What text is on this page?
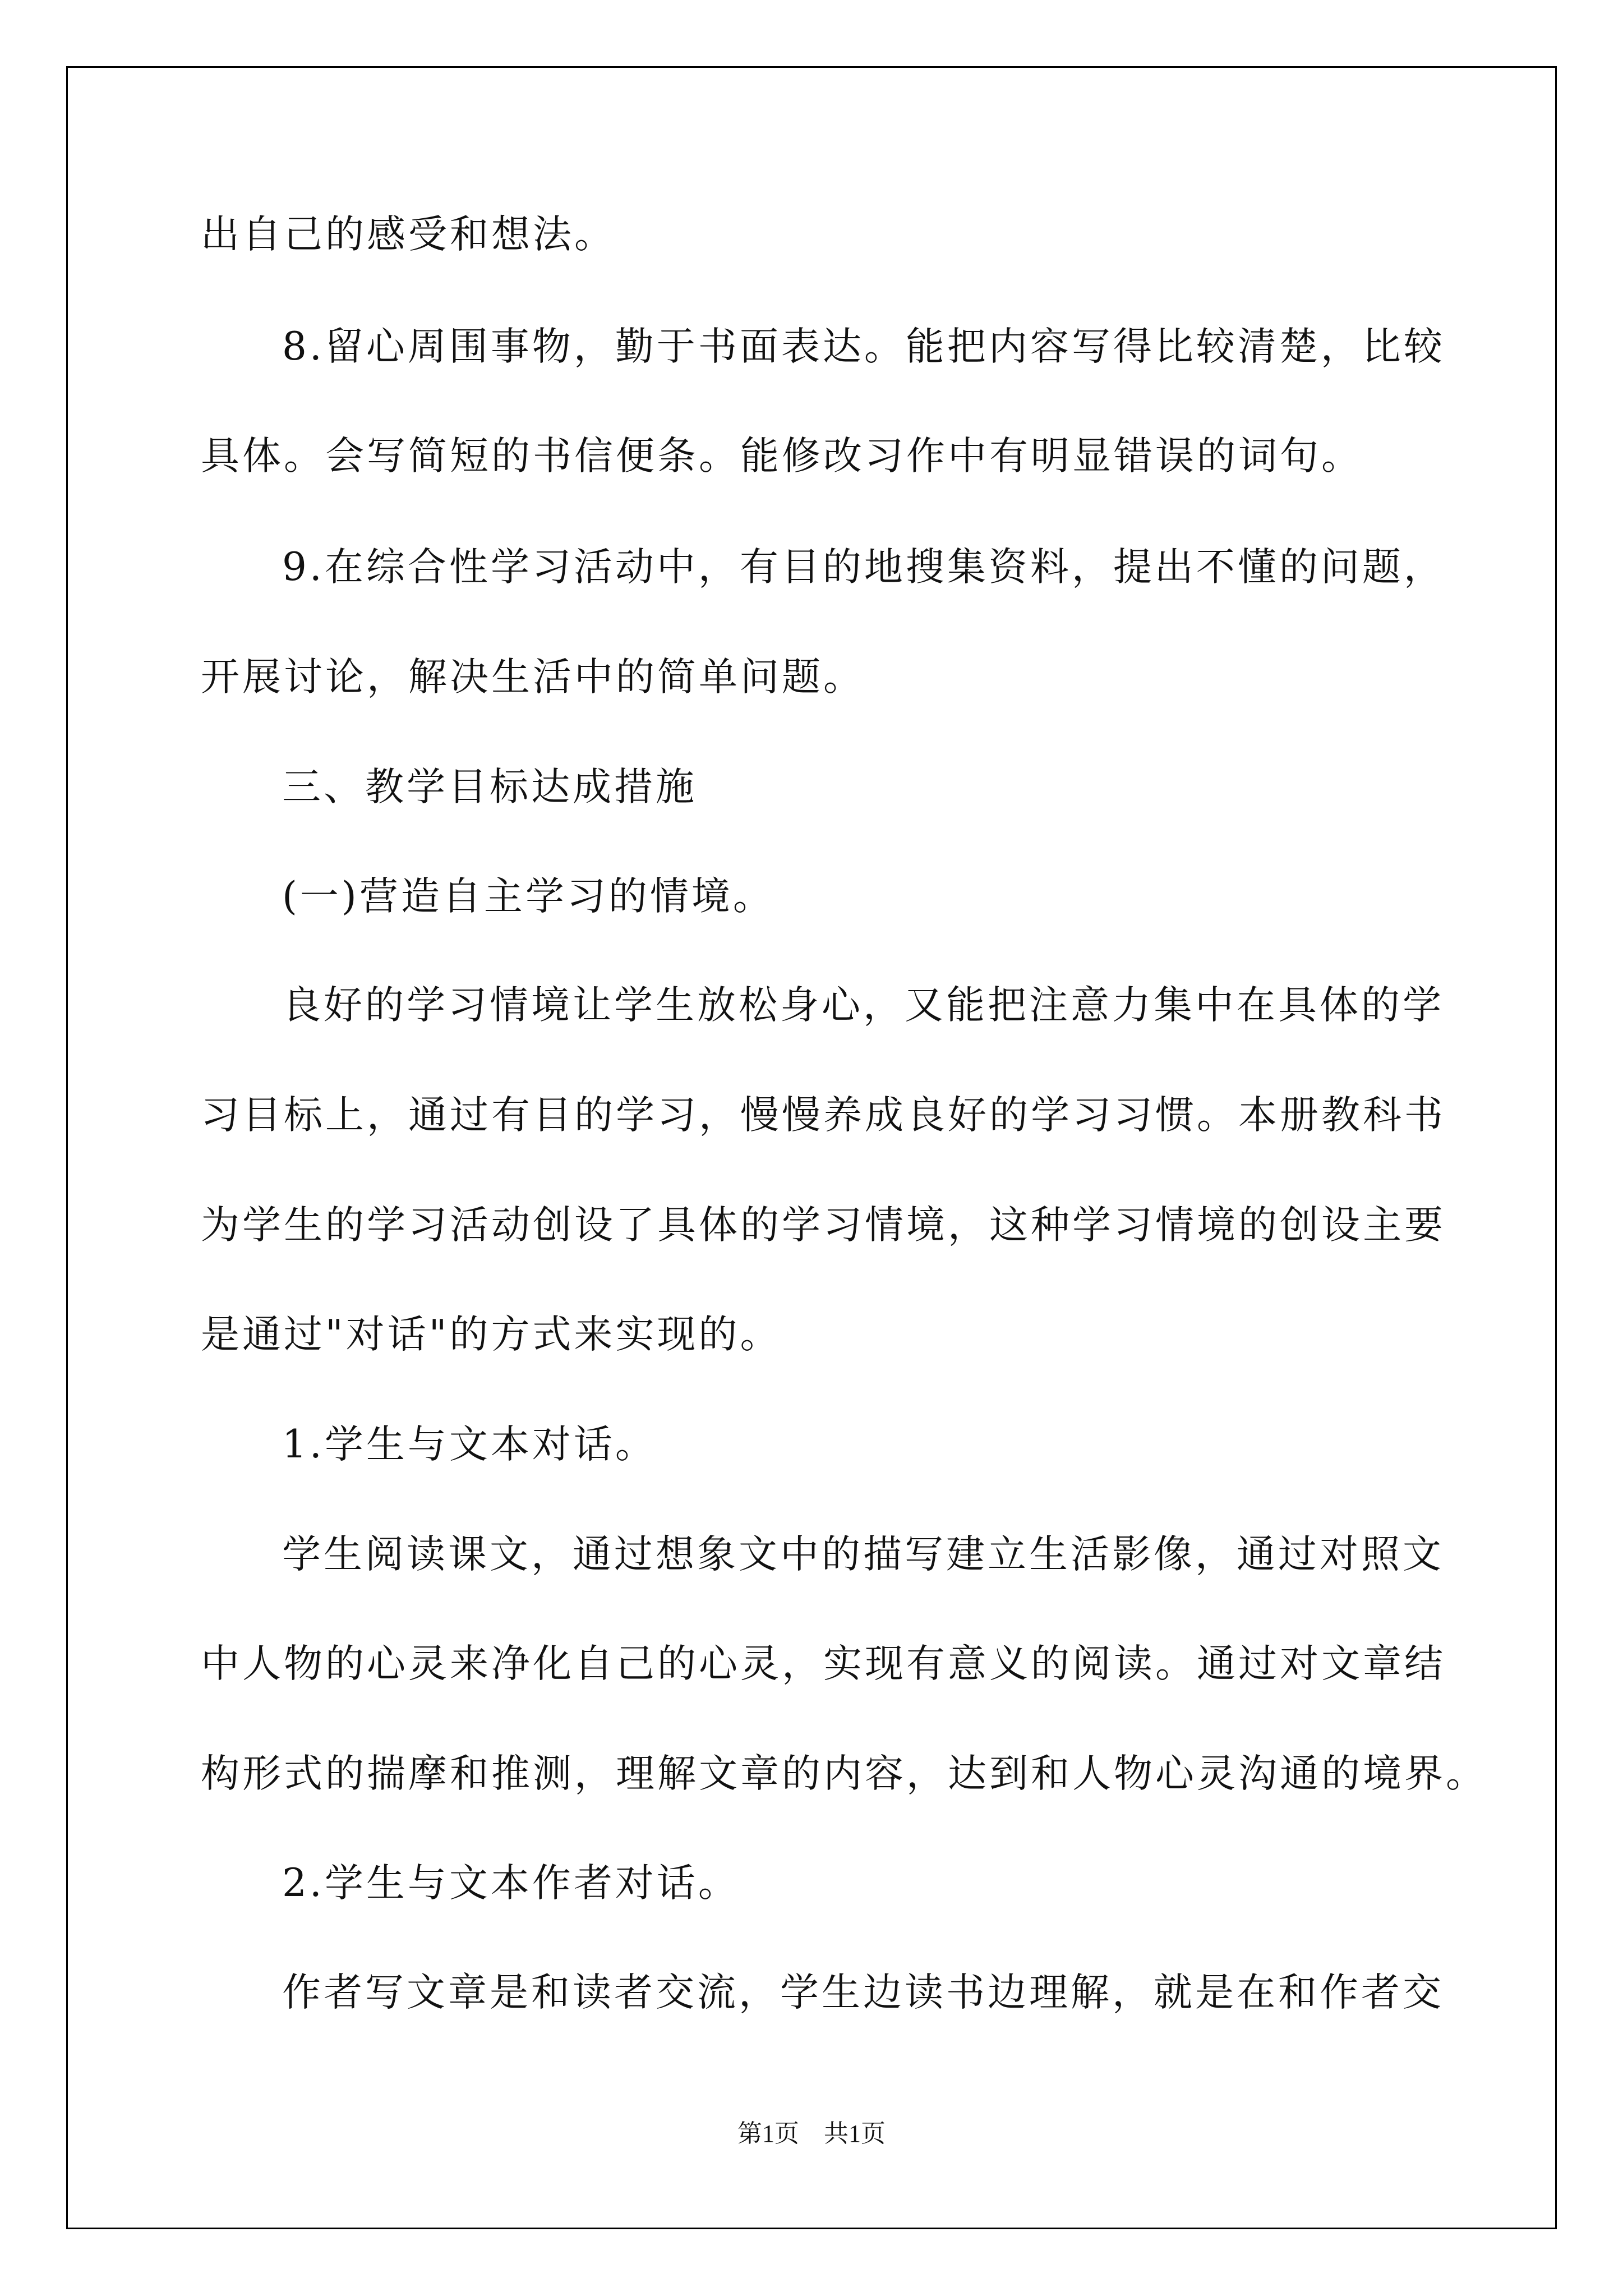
出自己的感受和想法。
8.留心周围事物，勤于书面表达。能把内容写得比较清楚，比较
具体。会写简短的书信便条。能修改习作中有明显错误的词句。
9.在综合性学习活动中，有目的地搜集资料，提出不懂的问题，
开展讨论，解决生活中的简单问题。
三、教学目标达成措施
(一)营造自主学习的情境。
良好的学习情境让学生放松身心，又能把注意力集中在具体的学
习目标上，通过有目的学习，慢慢养成良好的学习习惯。本册教科书
为学生的学习活动创设了具体的学习情境，这种学习情境的创设主要
是通过"对话"的方式来实现的。
1.学生与文本对话。
学生阅读课文，通过想象文中的描写建立生活影像，通过对照文
中人物的心灵来净化自己的心灵，实现有意义的阅读。通过对文章结
构形式的揣摩和推测，理解文章的内容，达到和人物心灵沟通的境界。
2.学生与文本作者对话。
作者写文章是和读者交流，学生边读书边理解，就是在和作者交
第1页　共1页
